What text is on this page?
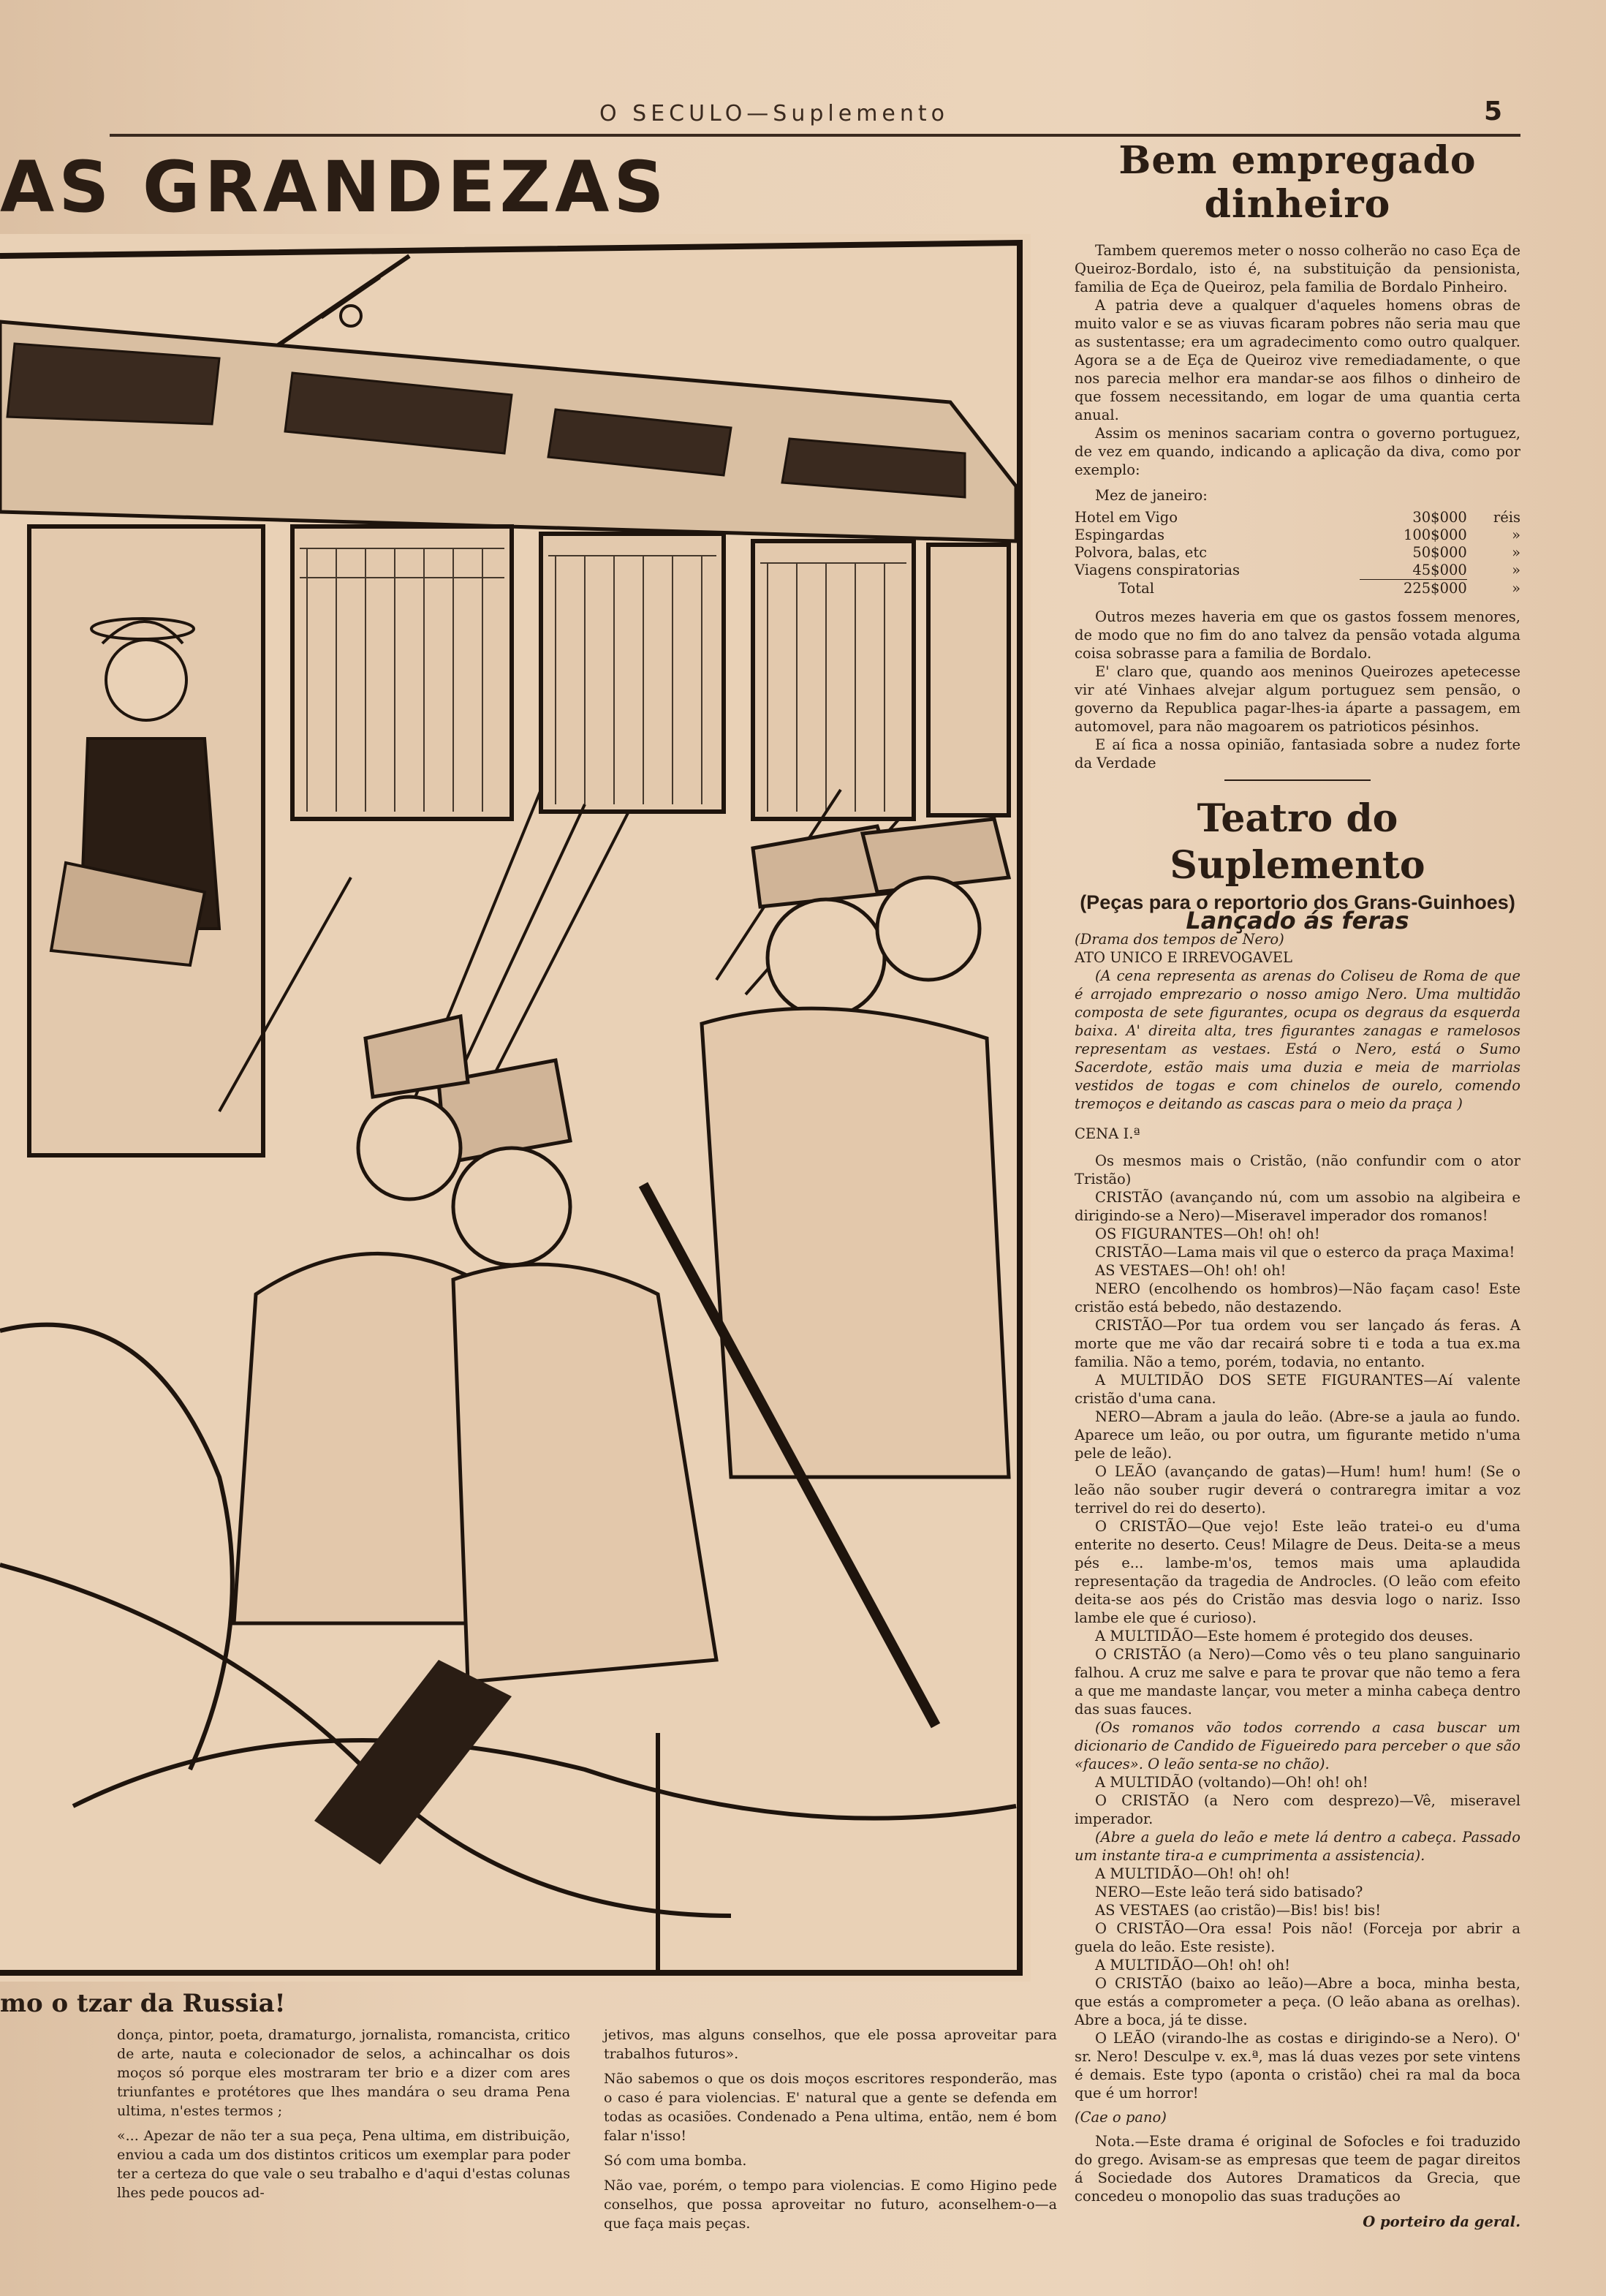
O SECULO—Suplemento	5
AS GRANDEZAS
mo o tzar da Russia!

donça, pintor, poeta, dramaturgo, jornalista, romancista, critico de arte, nauta e colecionador de selos, a achincalhar os dois moços só porque eles mostraram ter brio e a dizer com ares triunfantes e protétores que lhes mandára o seu drama Pena ultima, n'estes termos ;

«... Apezar de não ter a sua peça, Pena ultima, em distribuição, enviou a cada um dos distintos criticos um exemplar para poder ter a certeza do que vale o seu trabalho e d'aqui d'estas colunas lhes pede poucos ad-

jetivos, mas alguns conselhos, que ele possa aproveitar para trabalhos futuros».

Não sabemos o que os dois moços escritores responderão, mas o caso é para violencias. E' natural que a gente se defenda em todas as ocasiões. Condenado a Pena ultima, então, nem é bom falar n'isso!

Só com uma bomba.

Não vae, porém, o tempo para violencias. E como Higino pede conselhos, que possa aproveitar no futuro, aconselhem-o—a que faça mais peças.

Bem empregado dinheiro

Tambem queremos meter o nosso colherão no caso Eça de Queiroz-Bordalo, isto é, na substituição da pensionista, familia de Eça de Queiroz, pela familia de Bordalo Pinheiro.

A patria deve a qualquer d'aqueles homens obras de muito valor e se as viuvas ficaram pobres não seria mau que as sustentasse; era um agradecimento como outro qualquer. Agora se a de Eça de Queiroz vive remediadamente, o que nos parecia melhor era mandar-se aos filhos o dinheiro de que fossem necessitando, em logar de uma quantia certa anual.

Assim os meninos sacariam contra o governo portuguez, de vez em quando, indicando a aplicação da diva, como por exemplo:

Mez de janeiro:

Hotel em Vigo	30$000	réis
Espingardas	100$000	»
Polvora, balas, etc	50$000	»
Viagens conspiratorias	45$000	»
Total	225$000	»

Outros mezes haveria em que os gastos fossem menores, de modo que no fim do ano talvez da pensão votada alguma coisa sobrasse para a familia de Bordalo.

E' claro que, quando aos meninos Queirozes apetecesse vir até Vinhaes alvejar algum portuguez sem pensão, o governo da Republica pagar-lhes-ia áparte a passagem, em automovel, para não magoarem os patrioticos pésinhos.

E aí fica a nossa opinião, fantasiada sobre a nudez forte da Verdade

Teatro do Suplemento
(Peças para o reportorio dos Grans-Guinhoes)
Lançado ás feras

(Drama dos tempos de Nero)

ATO UNICO E IRREVOGAVEL

(A cena representa as arenas do Coliseu de Roma de que é arrojado emprezario o nosso amigo Nero. Uma multidão composta de sete figurantes, ocupa os degraus da esquerda baixa. A' direita alta, tres figurantes zanagas e ramelosos representam as vestaes. Está o Nero, está o Sumo Sacerdote, estão mais uma duzia e meia de marriolas vestidos de togas e com chinelos de ourelo, comendo tremoços e deitando as cascas para o meio da praça )

CENA I.ª

Os mesmos mais o Cristão, (não confundir com o ator Tristão)

CRISTÃO (avançando nú, com um assobio na algibeira e dirigindo-se a Nero)—Miseravel imperador dos romanos!

OS FIGURANTES—Oh! oh! oh!

CRISTÃO—Lama mais vil que o esterco da praça Maxima!

AS VESTAES—Oh! oh! oh!

NERO (encolhendo os hombros)—Não façam caso! Este cristão está bebedo, não destazendo.

CRISTÃO—Por tua ordem vou ser lançado ás feras. A morte que me vão dar recairá sobre ti e toda a tua ex.ma familia. Não a temo, porém, todavia, no entanto.

A MULTIDÃO DOS SETE FIGURANTES—Aí valente cristão d'uma cana.

NERO—Abram a jaula do leão. (Abre-se a jaula ao fundo. Aparece um leão, ou por outra, um figurante metido n'uma pele de leão).

O LEÃO (avançando de gatas)—Hum! hum! hum! (Se o leão não souber rugir deverá o contraregra imitar a voz terrivel do rei do deserto).

O CRISTÃO—Que vejo! Este leão tratei-o eu d'uma enterite no deserto. Ceus! Milagre de Deus. Deita-se a meus pés e... lambe-m'os, temos mais uma aplaudida representação da tragedia de Androcles. (O leão com efeito deita-se aos pés do Cristão mas desvia logo o nariz. Isso lambe ele que é curioso).

A MULTIDÃO—Este homem é protegido dos deuses.

O CRISTÃO (a Nero)—Como vês o teu plano sanguinario falhou. A cruz me salve e para te provar que não temo a fera a que me mandaste lançar, vou meter a minha cabeça dentro das suas fauces.

(Os romanos vão todos correndo a casa buscar um dicionario de Candido de Figueiredo para perceber o que são «fauces». O leão senta-se no chão).

A MULTIDÃO (voltando)—Oh! oh! oh!

O CRISTÃO (a Nero com desprezo)—Vê, miseravel imperador.

(Abre a guela do leão e mete lá dentro a cabeça. Passado um instante tira-a e cumprimenta a assistencia).

A MULTIDÃO—Oh! oh! oh!

NERO—Este leão terá sido batisado?

AS VESTAES (ao cristão)—Bis! bis! bis!

O CRISTÃO—Ora essa! Pois não! (Forceja por abrir a guela do leão. Este resiste).

A MULTIDÃO—Oh! oh! oh!

O CRISTÃO (baixo ao leão)—Abre a boca, minha besta, que estás a comprometer a peça. (O leão abana as orelhas). Abre a boca, já te disse.

O LEÃO (virando-lhe as costas e dirigindo-se a Nero). O' sr. Nero! Desculpe v. ex.ª, mas lá duas vezes por sete vintens é demais. Este typo (aponta o cristão) chei ra mal da boca que é um horror!

(Cae o pano)

Nota.—Este drama é original de Sofocles e foi traduzido do grego. Avisam-se as empresas que teem de pagar direitos á Sociedade dos Autores Dramaticos da Grecia, que concedeu o monopolio das suas traduções ao

O porteiro da geral.
